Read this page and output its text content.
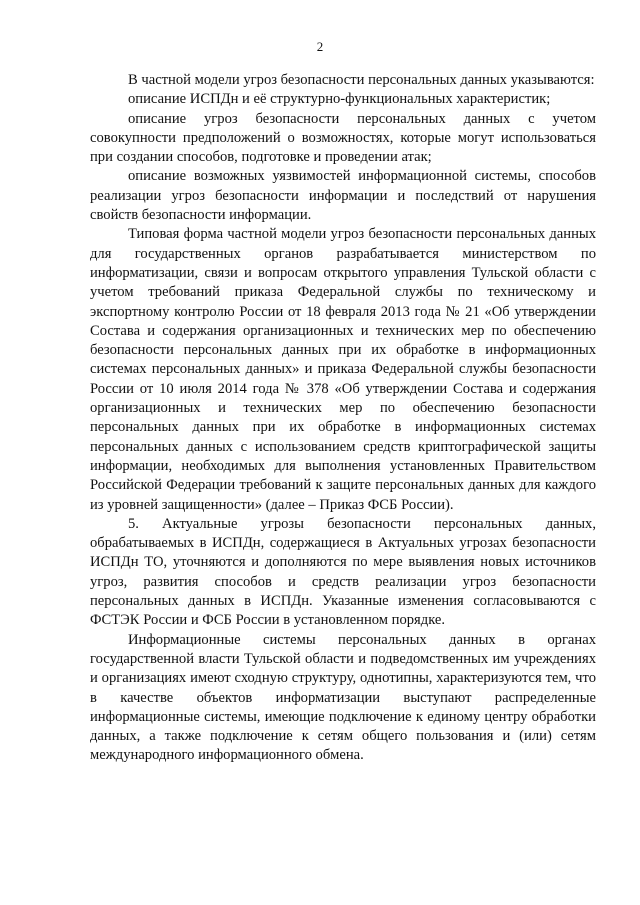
2

В частной модели угроз безопасности персональных данных указываются:

описание ИСПДн и её структурно-функциональных характеристик;

описание угроз безопасности персональных данных с учетом совокупности предположений о возможностях, которые могут использоваться при создании способов, подготовке и проведении атак;

описание возможных уязвимостей информационной системы, способов реализации угроз безопасности информации и последствий от нарушения свойств безопасности информации.

Типовая форма частной модели угроз безопасности персональных данных для государственных органов разрабатывается министерством по информатизации, связи и вопросам открытого управления Тульской области с учетом требований приказа Федеральной службы по техническому и экспортному контролю России от 18 февраля 2013 года № 21 «Об утверждении Состава и содержания организационных и технических мер по обеспечению безопасности персональных данных при их обработке в информационных системах персональных данных» и приказа Федеральной службы безопасности России от 10 июля 2014 года № 378 «Об утверждении Состава и содержания организационных и технических мер по обеспечению безопасности персональных данных при их обработке в информационных системах персональных данных с использованием средств криптографической защиты информации, необходимых для выполнения установленных Правительством Российской Федерации требований к защите персональных данных для каждого из уровней защищенности» (далее – Приказ ФСБ России).

5. Актуальные угрозы безопасности персональных данных, обрабатываемых в ИСПДн, содержащиеся в Актуальных угрозах безопасности ИСПДн ТО, уточняются и дополняются по мере выявления новых источников угроз, развития способов и средств реализации угроз безопасности персональных данных в ИСПДн. Указанные изменения согласовываются с ФСТЭК России и ФСБ России в установленном порядке.

Информационные системы персональных данных в органах государственной власти Тульской области и подведомственных им учреждениях и организациях имеют сходную структуру, однотипны, характеризуются тем, что в качестве объектов информатизации выступают распределенные информационные системы, имеющие подключение к единому центру обработки данных, а также подключение к сетям общего пользования и (или) сетям международного информационного обмена.
